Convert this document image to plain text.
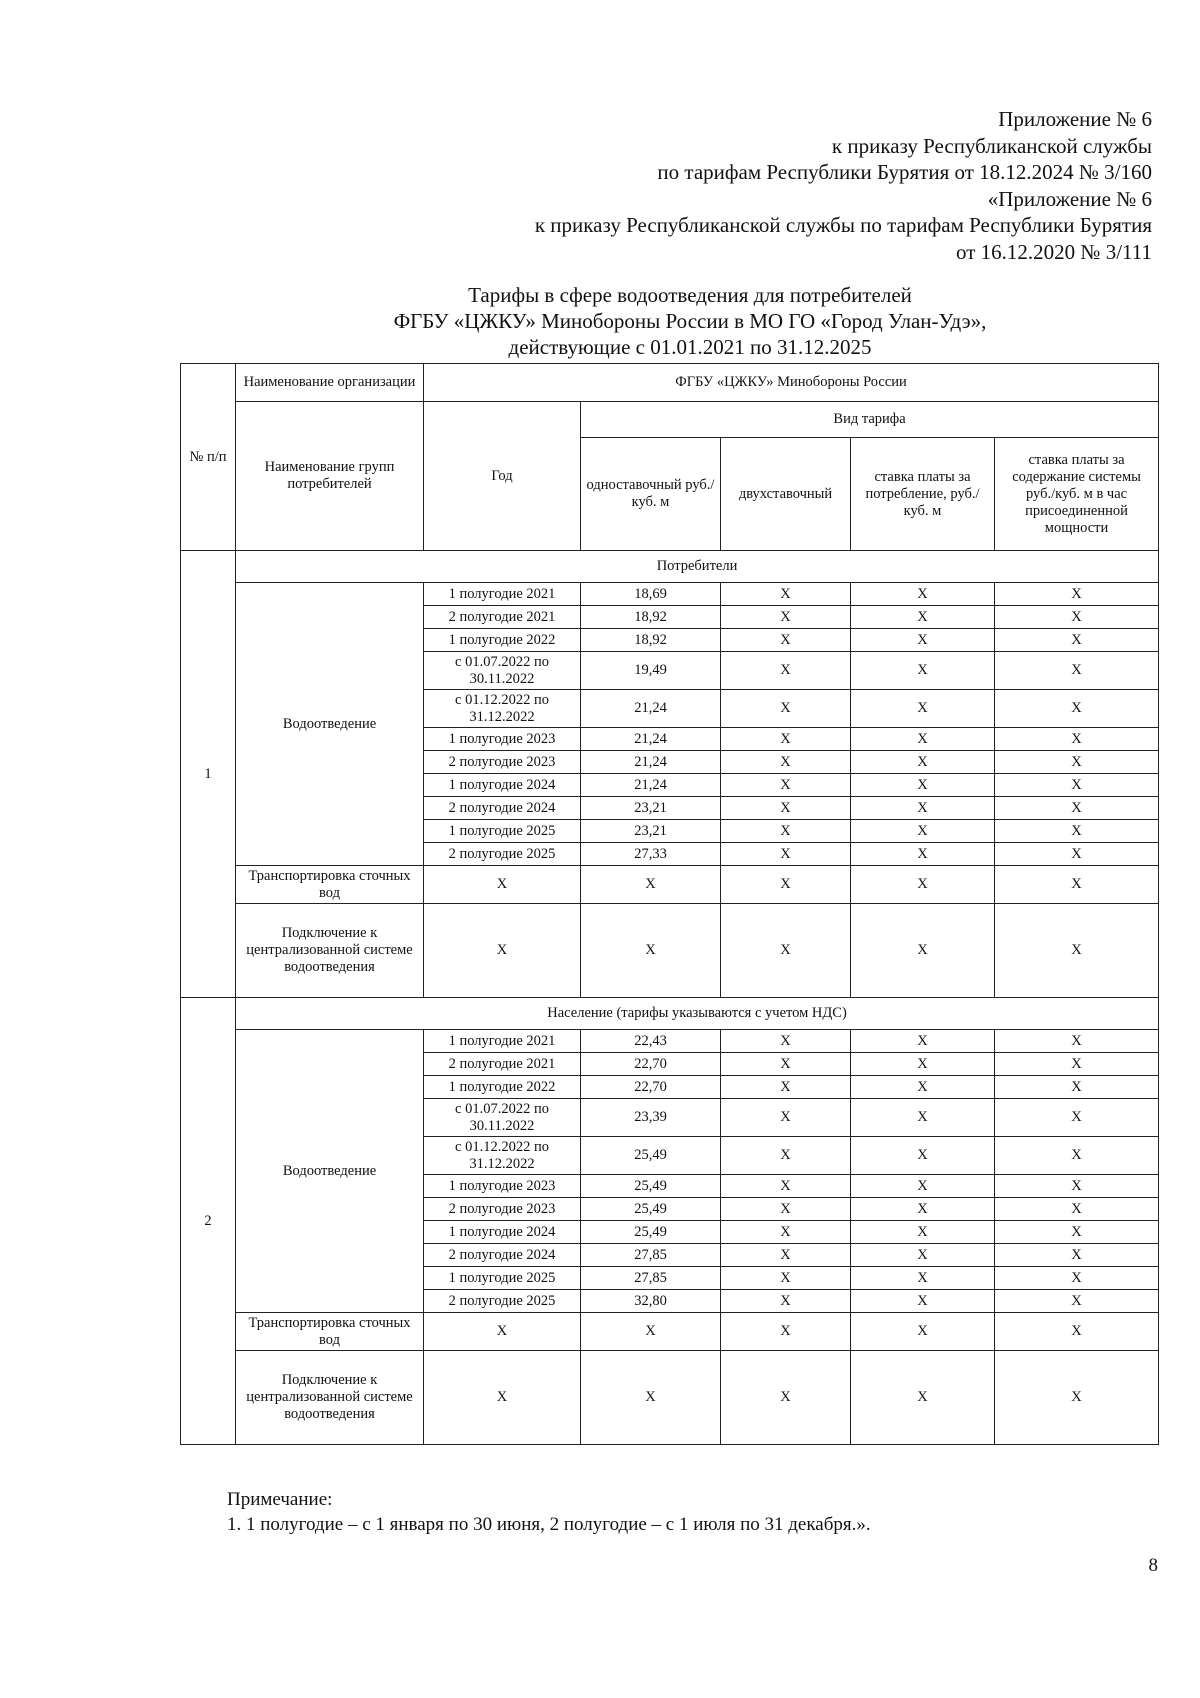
Приложение № 6
к приказу Республиканской службы
по тарифам Республики Бурятия от 18.12.2024 № 3/160
«Приложение № 6
к приказу Республиканской службы по тарифам Республики Бурятия
от 16.12.2020 № 3/111
Тарифы в сфере водоотведения для потребителей
ФГБУ «ЦЖКУ» Минобороны России в МО ГО «Город Улан-Удэ»,
действующие с 01.01.2021 по 31.12.2025
№ п/п	Наименование организации	ФГБУ «ЦЖКУ» Минобороны России				
	Наименование групп потребителей	Год	Вид тарифа			
			одноставочный руб./ куб. м	двухставочный	ставка платы за потребление, руб./ куб. м	ставка платы за содержание системы руб./куб. м в час присоединенной мощности
1	Потребители					
	Водоотведение	1 полугодие 2021	18,69	Х	Х	Х
		2 полугодие 2021	18,92	Х	Х	Х
		1 полугодие 2022	18,92	Х	Х	Х
		с 01.07.2022 по 30.11.2022	19,49	Х	Х	Х
		с 01.12.2022 по 31.12.2022	21,24	Х	Х	Х
		1 полугодие 2023	21,24	Х	Х	Х
		2 полугодие 2023	21,24	Х	Х	Х
		1 полугодие 2024	21,24	Х	Х	Х
		2 полугодие 2024	23,21	Х	Х	Х
		1 полугодие 2025	23,21	Х	Х	Х
		2 полугодие 2025	27,33	Х	Х	Х
	Транспортировка сточных вод	Х	Х	Х	Х	Х
	Подключение к централизованной системе водоотведения	Х	Х	Х	Х	Х
2	Население (тарифы указываются с учетом НДС)					
	Водоотведение	1 полугодие 2021	22,43	Х	Х	Х
		2 полугодие 2021	22,70	Х	Х	Х
		1 полугодие 2022	22,70	Х	Х	Х
		с 01.07.2022 по 30.11.2022	23,39	Х	Х	Х
		с 01.12.2022 по 31.12.2022	25,49	Х	Х	Х
		1 полугодие 2023	25,49	Х	Х	Х
		2 полугодие 2023	25,49	Х	Х	Х
		1 полугодие 2024	25,49	Х	Х	Х
		2 полугодие 2024	27,85	Х	Х	Х
		1 полугодие 2025	27,85	Х	Х	Х
		2 полугодие 2025	32,80	Х	Х	Х
	Транспортировка сточных вод	Х	Х	Х	Х	Х
	Подключение к централизованной системе водоотведения	Х	Х	Х	Х	Х
Примечание:
1. 1 полугодие – с 1 января по 30 июня, 2 полугодие – с 1 июля по 31 декабря.».
8
